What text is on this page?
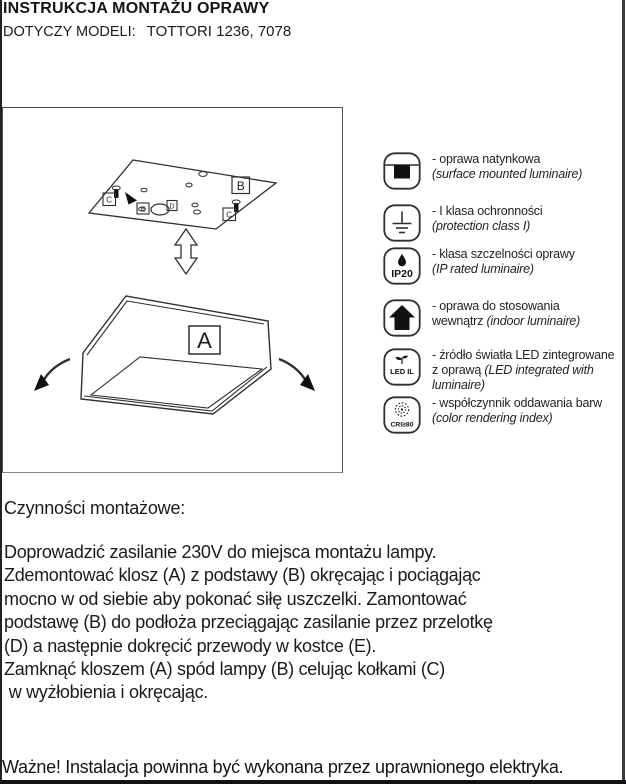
INSTRUKCJA MONTAŻU OPRAWY
DOTYCZY MODELI: TOTTORI 1236, 7078
B
C
C
E	D
A
- oprawa natynkowa
(surface mounted luminaire)
- I klasa ochronności
(protection class I)
IP20
- klasa szczelności oprawy
(IP rated luminaire)
- oprawa do stosowania
wewnątrz (indoor luminaire)
LED IL
- źródło światła LED zintegrowane
z oprawą (LED integrated with
luminaire)
CRI≥80
- współczynnik oddawania barw
(color rendering index)
Czynności montażowe:
Doprowadzić zasilanie 230V do miejsca montażu lampy.
Zdemontować klosz (A) z podstawy (B) okręcając i pociągając
mocno w od siebie aby pokonać siłę uszczelki. Zamontować
podstawę (B) do podłoża przeciągając zasilanie przez przelotkę
(D) a następnie dokręcić przewody w kostce (E).
Zamknąć kloszem (A) spód lampy (B) celując kołkami (C)
w wyżłobienia i okręcając.
Ważne! Instalacja powinna być wykonana przez uprawnionego elektryka.
